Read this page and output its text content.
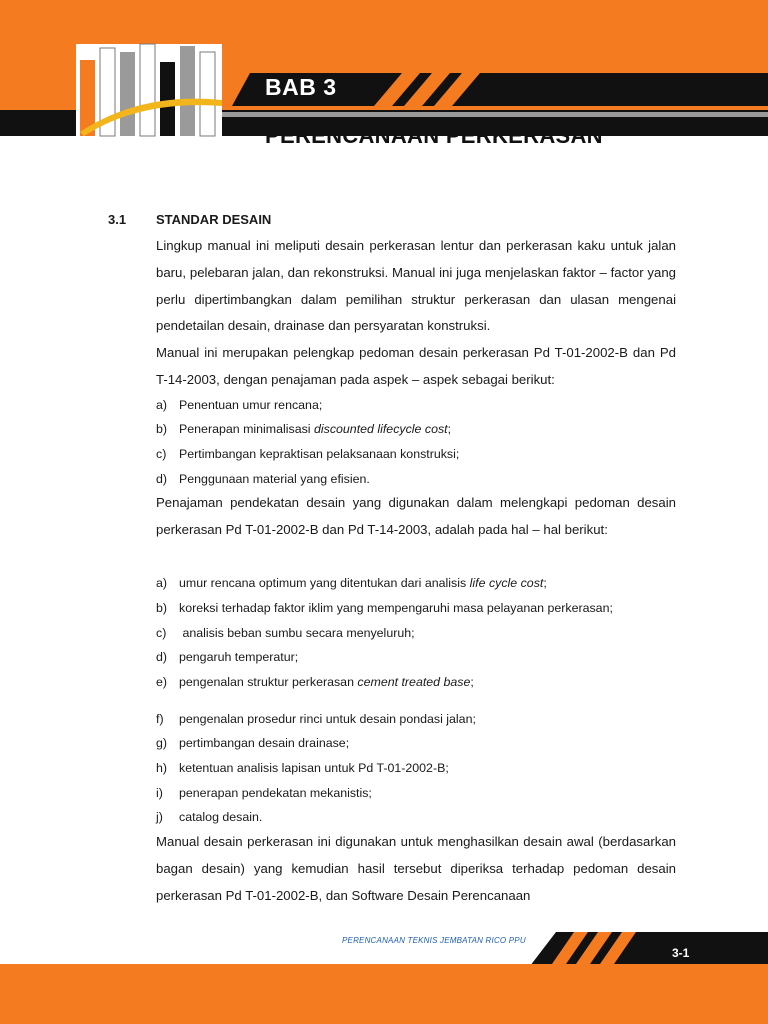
BAB 3
PERENCANAAN PERKERASAN
3.1 STANDAR DESAIN
Lingkup manual ini meliputi desain perkerasan lentur dan perkerasan kaku untuk jalan baru, pelebaran jalan, dan rekonstruksi. Manual ini juga menjelaskan faktor – factor yang perlu dipertimbangkan dalam pemilihan struktur perkerasan dan ulasan mengenai pendetailan desain, drainase dan persyaratan konstruksi.
Manual ini merupakan pelengkap pedoman desain perkerasan Pd T-01-2002-B dan Pd T-14-2003, dengan penajaman pada aspek – aspek sebagai berikut:
a) Penentuan umur rencana;
b) Penerapan minimalisasi discounted lifecycle cost;
c) Pertimbangan kepraktisan pelaksanaan konstruksi;
d) Penggunaan material yang efisien.
Penajaman pendekatan desain yang digunakan dalam melengkapi pedoman desain perkerasan Pd T-01-2002-B dan Pd T-14-2003, adalah pada hal – hal berikut:
a) umur rencana optimum yang ditentukan dari analisis life cycle cost;
b) koreksi terhadap faktor iklim yang mempengaruhi masa pelayanan perkerasan;
c) analisis beban sumbu secara menyeluruh;
d) pengaruh temperatur;
e) pengenalan struktur perkerasan cement treated base;
f) pengenalan prosedur rinci untuk desain pondasi jalan;
g) pertimbangan desain drainase;
h) ketentuan analisis lapisan untuk Pd T-01-2002-B;
i) penerapan pendekatan mekanistis;
j) catalog desain.
Manual desain perkerasan ini digunakan untuk menghasilkan desain awal (berdasarkan bagan desain) yang kemudian hasil tersebut diperiksa terhadap pedoman desain perkerasan Pd T-01-2002-B, dan Software Desain Perencanaan
PERENCANAAN TEKNIS JEMBATAN RICO PPU
3-1
